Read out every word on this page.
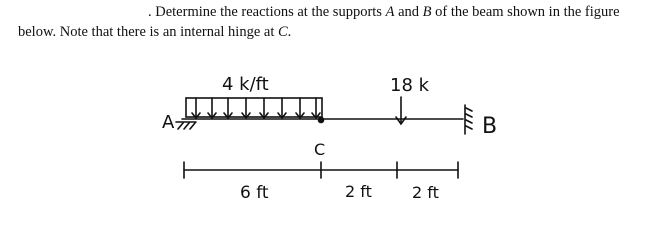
. Determine the reactions at the supports A and B of the beam shown in the figure
below. Note that there is an internal hinge at C.
4 k/ft	18 k
A	B
C
6 ft	2 ft	2 ft
